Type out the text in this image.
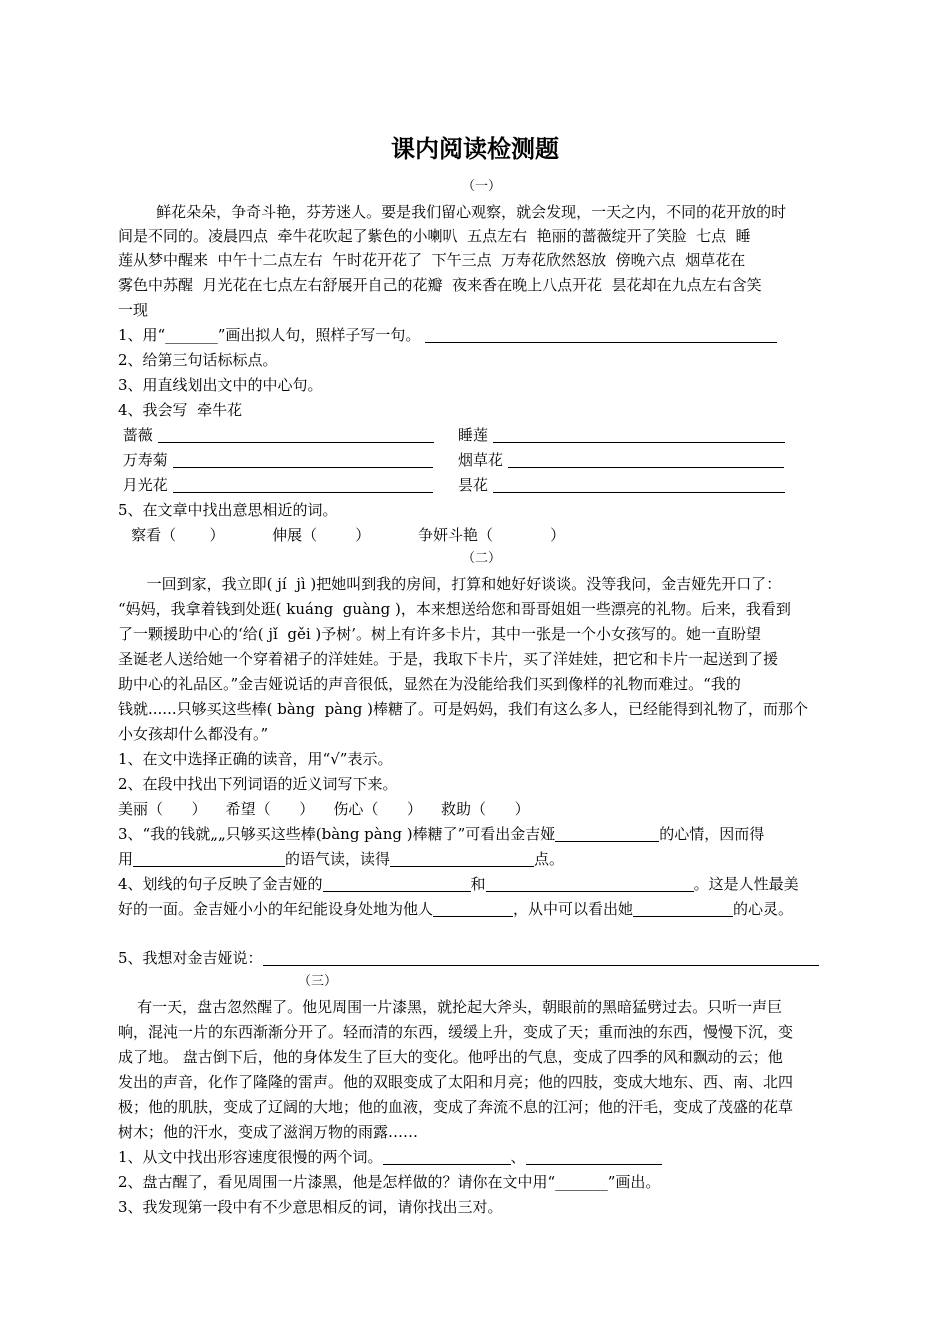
课内阅读检测题
（一）
鲜花朵朵，争奇斗艳，芬芳迷人。要是我们留心观察，就会发现，一天之内，不同的花开放的时
间是不同的。凌晨四点  牵牛花吹起了紫色的小喇叭  五点左右  艳丽的蔷薇绽开了笑脸  七点  睡
莲从梦中醒来  中午十二点左右  午时花开花了  下午三点  万寿花欣然怒放  傍晚六点  烟草花在
雾色中苏醒  月光花在七点左右舒展开自己的花瓣  夜来香在晚上八点开花  昙花却在九点左右含笑
一现
1、用“_______”画出拟人句，照样子写一句。
2、给第三句话标标点。
3、用直线划出文中的中心句。
4、我会写  牵牛花
蔷薇	睡莲
万寿菊	烟草花
月光花	昙花
5、在文章中找出意思相近的词。
察看（       ）          伸展（        ）          争妍斗艳（            ）
（二）
一回到家，我立即( jí  jì )把她叫到我的房间，打算和她好好谈谈。没等我问，金吉娅先开口了：
“妈妈，我拿着钱到处逛( kuáng  guàng )，本来想送给您和哥哥姐姐一些漂亮的礼物。后来，我看到
了一颗援助中心的‘给( jǐ  gěi )予树’。树上有许多卡片，其中一张是一个小女孩写的。她一直盼望
圣诞老人送给她一个穿着裙子的洋娃娃。于是，我取下卡片，买了洋娃娃，把它和卡片一起送到了援
助中心的礼品区。”金吉娅说话的声音很低，显然在为没能给我们买到像样的礼物而难过。“我的
钱就......只够买这些棒( bàng  pàng )棒糖了。可是妈妈，我们有这么多人，已经能得到礼物了，而那个
小女孩却什么都没有。”
1、在文中选择正确的读音，用“√”表示。
2、在段中找出下列词语的近义词写下来。
美丽（      ）    希望（      ）    伤心（      ）    救助（      ）
3、“我的钱就„„只够买这些棒(bàng pàng )棒糖了”可看出金吉娅	的心情，因而得
用	的语气读，读得	点。
4、划线的句子反映了金吉娅的	和	。这是人性最美
好的一面。金吉娅小小的年纪能设身处地为他人	，从中可以看出她	的心灵。
5、我想对金吉娅说：
（三）
有一天，盘古忽然醒了。他见周围一片漆黑，就抡起大斧头，朝眼前的黑暗猛劈过去。只听一声巨
响，混沌一片的东西渐渐分开了。轻而清的东西，缓缓上升，变成了天；重而浊的东西，慢慢下沉，变
成了地。 盘古倒下后，他的身体发生了巨大的变化。他呼出的气息，变成了四季的风和飘动的云；他
发出的声音，化作了隆隆的雷声。他的双眼变成了太阳和月亮；他的四肢，变成大地东、西、南、北四
极；他的肌肤，变成了辽阔的大地；他的血液，变成了奔流不息的江河；他的汗毛，变成了茂盛的花草
树木；他的汗水，变成了滋润万物的雨露……
1、从文中找出形容速度很慢的两个词。	、
2、盘古醒了，看见周围一片漆黑，他是怎样做的？请你在文中用“_______”画出。
3、我发现第一段中有不少意思相反的词，请你找出三对。
